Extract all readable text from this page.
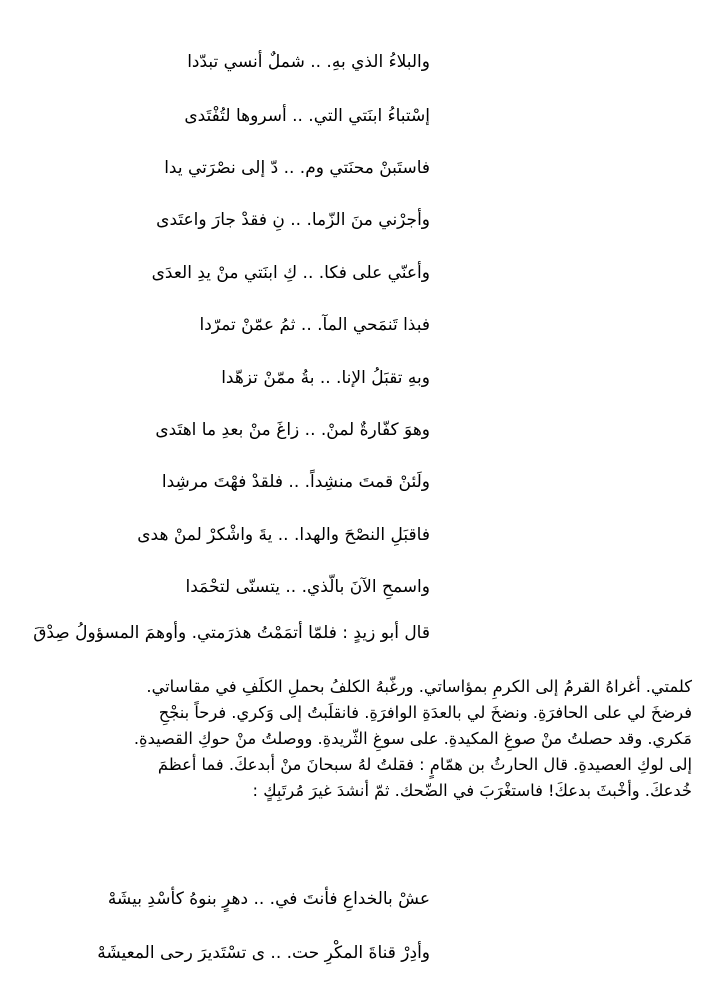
والبلاءُ الذي بهِ. .. شملٌ أنسي تبدّدا
إسْتباءُ ابنَتي التي. .. أسروها لتُفْتَدى
فاستَبنْ محنَتي وم. .. دّ إلى نصْرَتي يدا
وأجرْني منَ الزّما. .. نِ فقدْ جارَ واعتَدى
وأعنّي على فكا. .. كِ ابنَتي منْ يدِ العدَى
فبذا تَنمَحي المآ. .. ثمُ عمّنْ تمرّدا
وبهِ تقبَلُ الإنا. .. بةُ ممّنْ تزهّدا
وهوَ كفّارةٌ لمنْ. .. زاغَ منْ بعدِ ما اهتَدى
ولَئنْ قمتَ منشِداً. .. فلقدْ فهْتَ مرشِدا
فاقبَلِ النصْحَ والهدا. .. يةَ واشْكرْ لمنْ هدى
واسمحِ الآنَ بالّذي. .. يتسنّى لتحْمَدا
قال أبو زيدٍ : فلمّا أتمَمْتُ هذرَمتي. وأوهمَ المسؤولُ صِدْقَ

كلمتي. أغراهُ القرمُ إلى الكرمِ بمؤاساتي. ورغّبهُ الكلفُ بحملِ الكلَفِ في مقاساتي.

فرضخَ لي على الحافرَةِ. ونضخَ لي بالعدَةِ الوافرَةِ. فانقلَبتُ إلى وَكري. فرحاً بنجْحِ

مَكري. وقد حصلتُ منْ صوغِ المكيدةِ. على سوغِ الثّريدةِ. ووصلتُ منْ حوكِ القصيدةِ.

إلى لوكِ العصيدةِ. قال الحارثُ بن همّامٍ : فقلتُ لهُ سبحانَ منْ أبدعكَ. فما أعظمَ

خُدعكَ. وأخْبثَ بدعكَ! فاستغْرَبَ في الضّحك. ثمّ أنشدَ غيرَ مُرتَبِكٍ :

عشْ بالخداعِ فأنتَ في. .. دهرٍ بنوهُ كأسْدِ بيشَهْ
وأدِرْ قناةَ المكْرِ حت. .. ى تسْتَديرَ رحى المعيشَهْ
